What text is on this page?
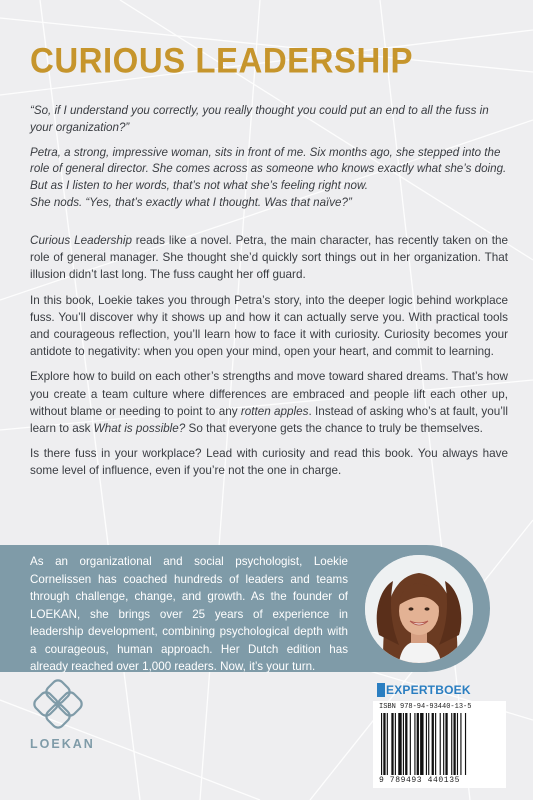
CURIOUS LEADERSHIP

“So, if I understand you correctly, you really thought you could put an end to all the fuss in your organization?”

Petra, a strong, impressive woman, sits in front of me. Six months ago, she stepped into the role of general director. She comes across as someone who knows exactly what she’s doing. But as I listen to her words, that’s not what she’s feeling right now.

She nods. “Yes, that’s exactly what I thought. Was that naïve?”

Curious Leadership reads like a novel. Petra, the main character, has recently taken on the role of general manager. She thought she’d quickly sort things out in her organization. That illusion didn’t last long. The fuss caught her off guard.

In this book, Loekie takes you through Petra’s story, into the deeper logic behind workplace fuss. You’ll discover why it shows up and how it can actually serve you. With practical tools and courageous reflection, you’ll learn how to face it with curiosity. Curiosity becomes your antidote to negativity: when you open your mind, open your heart, and commit to learning.

Explore how to build on each other’s strengths and move toward shared dreams. That’s how you create a team culture where differences are embraced and people lift each other up, without blame or needing to point to any rotten apples. Instead of asking who’s at fault, you’ll learn to ask What is possible? So that everyone gets the chance to truly be themselves.

Is there fuss in your workplace? Lead with curiosity and read this book. You always have some level of influence, even if you’re not the one in charge.

As an organizational and social psychologist, Loekie Cornelissen has coached hundreds of leaders and teams through challenge, change, and growth. As the founder of LOEKAN, she brings over 25 years of experience in leadership development, combining psychological depth with a courageous, human approach. Her Dutch edition has already reached over 1,000 readers. Now, it’s your turn.
LOEKAN
EXPERTBOEK
ISBN 978-94-93440-13-5
9 789493 440135
